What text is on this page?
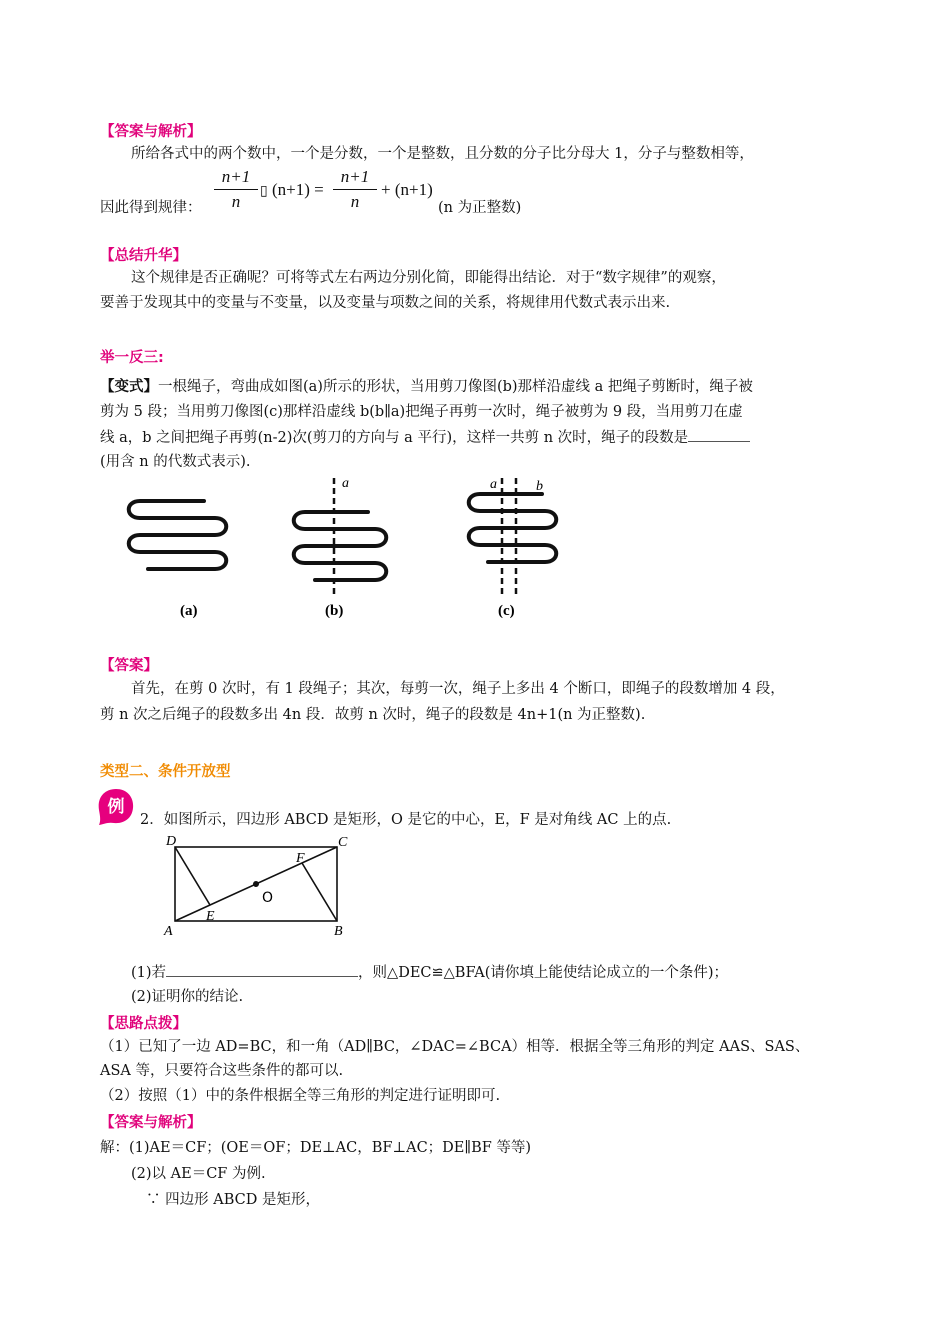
【答案与解析】
所给各式中的两个数中，一个是分数，一个是整数，且分数的分子比分母大 1，分子与整数相等，
因此得到规律：
n+1
n
▯ (n+1) =
n+1
n
+ (n+1)
(n 为正整数)
【总结升华】
这个规律是否正确呢？可将等式左右两边分别化简，即能得出结论．对于“数字规律”的观察，
要善于发现其中的变量与不变量，以及变量与项数之间的关系，将规律用代数式表示出来.
举一反三:
【变式】一根绳子，弯曲成如图(a)所示的形状，当用剪刀像图(b)那样沿虚线 a 把绳子剪断时，绳子被
剪为 5 段；当用剪刀像图(c)那样沿虚线 b(b∥a)把绳子再剪一次时，绳子被剪为 9 段，当用剪刀在虚
线 a，b 之间把绳子再剪(n-2)次(剪刀的方向与 a 平行)，这样一共剪 n 次时，绳子的段数是
(用含 n 的代数式表示).
a	a	b
(a)	(b)	(c)
【答案】
首先，在剪 0 次时，有 1 段绳子；其次，每剪一次，绳子上多出 4 个断口，即绳子的段数增加 4 段，
剪 n 次之后绳子的段数多出 4n 段．故剪 n 次时，绳子的段数是 4n+1(n 为正整数).
类型二、条件开放型
例
2．如图所示，四边形 ABCD 是矩形，O 是它的中心，E，F 是对角线 AC 上的点.
D	C
A	B
E
F
O
(1)若	，则△DEC≌△BFA(请你填上能使结论成立的一个条件)；
(2)证明你的结论.
【思路点拨】
（1）已知了一边 AD=BC，和一角（AD∥BC，∠DAC=∠BCA）相等．根据全等三角形的判定 AAS、SAS、
ASA 等，只要符合这些条件的都可以.
（2）按照（1）中的条件根据全等三角形的判定进行证明即可.
【答案与解析】
解：(1)AE＝CF；(OE＝OF；DE⊥AC，BF⊥AC；DE∥BF 等等)
(2)以 AE＝CF 为例.
∵ 四边形 ABCD 是矩形，
